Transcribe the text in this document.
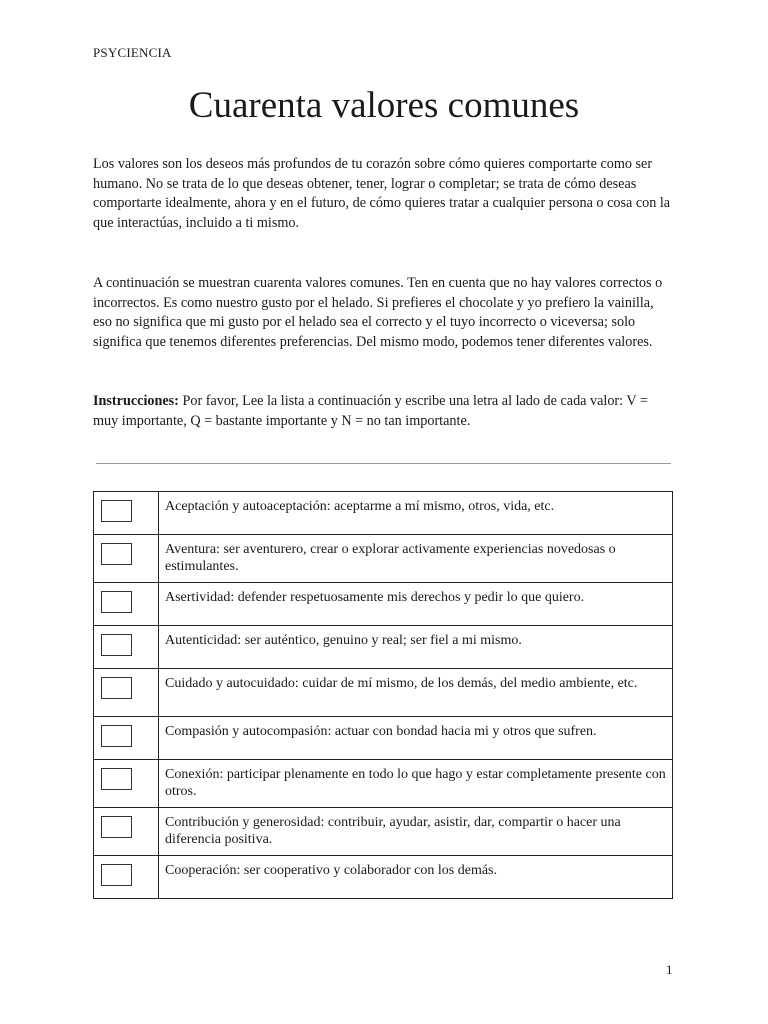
PSYCIENCIA
Cuarenta valores comunes

Los valores son los deseos más profundos de tu corazón sobre cómo quieres comportarte como ser humano. No se trata de lo que deseas obtener, tener, lograr o completar; se trata de cómo deseas comportarte idealmente, ahora y en el futuro, de cómo quieres tratar a cualquier persona o cosa con la que interactúas, incluido a ti mismo.

A continuación se muestran cuarenta valores comunes. Ten en cuenta que no hay valores correctos o incorrectos. Es como nuestro gusto por el helado. Si prefieres el chocolate y yo prefiero la vainilla, eso no significa que mi gusto por el helado sea el correcto y el tuyo incorrecto o viceversa; solo significa que tenemos diferentes preferencias. Del mismo modo, podemos tener diferentes valores.

Instrucciones: Por favor, Lee la lista a continuación y escribe una letra al lado de cada valor: V = muy importante, Q = bastante importante y N = no tan importante.

	Aceptación y autoaceptación: aceptarme a mí mismo, otros, vida, etc.

	Aventura: ser aventurero, crear o explorar activamente experiencias novedosas o estimulantes.

	Asertividad: defender respetuosamente mis derechos y pedir lo que quiero.

	Autenticidad: ser auténtico, genuino y real; ser fiel a mi mismo.

	Cuidado y autocuidado: cuidar de mí mismo, de los demás, del medio ambiente, etc.

	Compasión y autocompasión: actuar con bondad hacia mi y otros que sufren.

	Conexión: participar plenamente en todo lo que hago y estar completamente presente con otros.

	Contribución y generosidad: contribuir, ayudar, asistir, dar, compartir o hacer una diferencia positiva.

	Cooperación: ser cooperativo y colaborador con los demás.
1
